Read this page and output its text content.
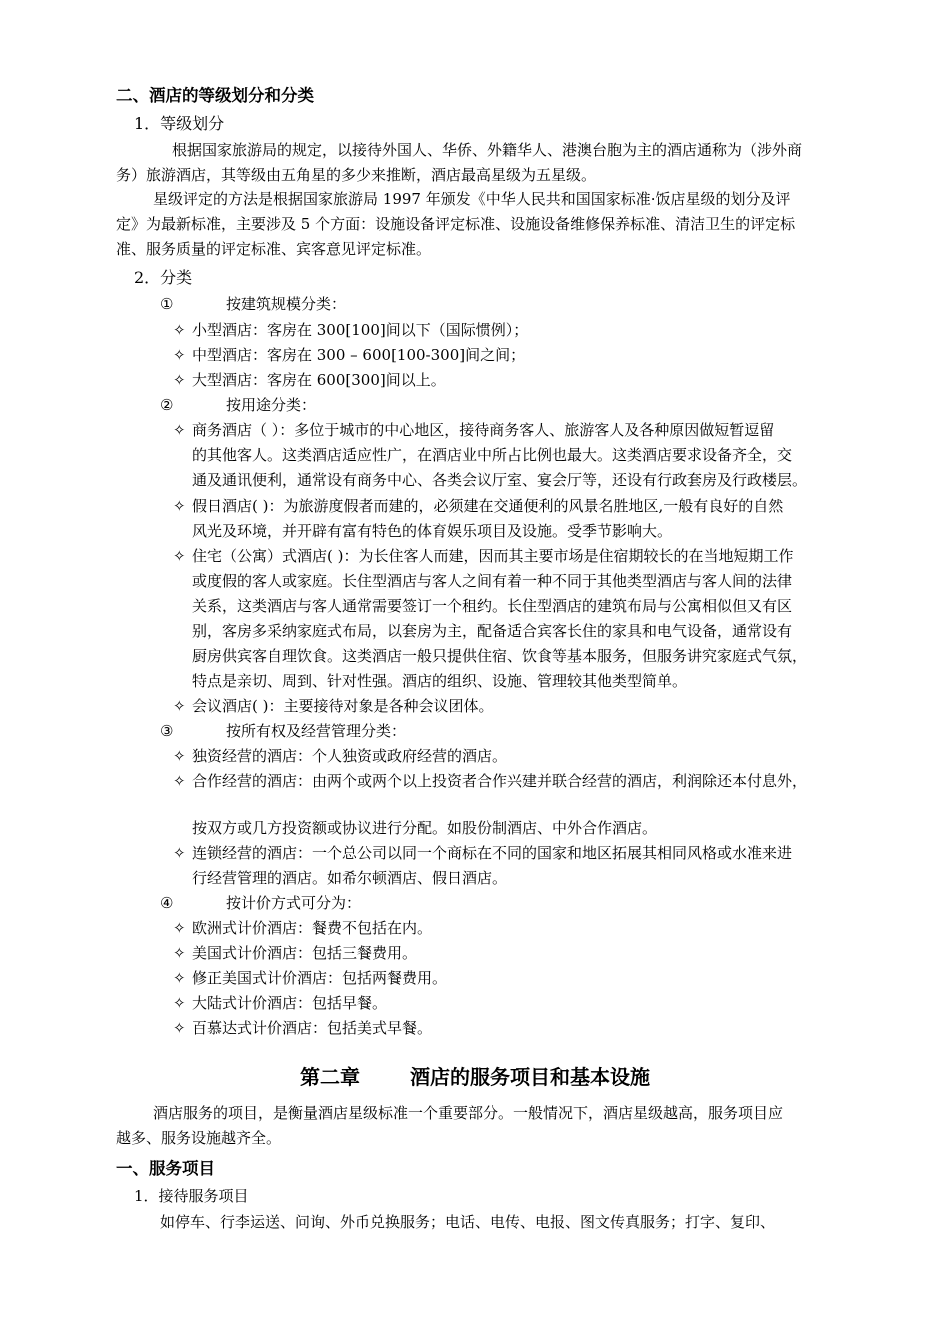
二、酒店的等级划分和分类
1．等级划分
根据国家旅游局的规定，以接待外国人、华侨、外籍华人、港澳台胞为主的酒店通称为（涉外商
务）旅游酒店，其等级由五角星的多少来推断，酒店最高星级为五星级。
星级评定的方法是根据国家旅游局 1997 年颁发《中华人民共和国国家标准·饭店星级的划分及评
定》为最新标准，主要涉及 5 个方面：设施设备评定标准、设施设备维修保养标准、清洁卫生的评定标
准、服务质量的评定标准、宾客意见评定标准。
2．分类
①	按建筑规模分类：
✧ 小型酒店：客房在 300[100]间以下（国际惯例）；
✧ 中型酒店：客房在 300 – 600[100-300]间之间；
✧ 大型酒店：客房在 600[300]间以上。
②	按用途分类：
✧ 商务酒店（ ）：多位于城市的中心地区，接待商务客人、旅游客人及各种原因做短暂逗留
的其他客人。这类酒店适应性广，在酒店业中所占比例也最大。这类酒店要求设备齐全，交
通及通讯便利，通常设有商务中心、各类会议厅室、宴会厅等，还设有行政套房及行政楼层。
✧ 假日酒店( )：为旅游度假者而建的，必须建在交通便利的风景名胜地区,一般有良好的自然
风光及环境，并开辟有富有特色的体育娱乐项目及设施。受季节影响大。
✧ 住宅（公寓）式酒店( )：为长住客人而建，因而其主要市场是住宿期较长的在当地短期工作
或度假的客人或家庭。长住型酒店与客人之间有着一种不同于其他类型酒店与客人间的法律
关系，这类酒店与客人通常需要签订一个租约。长住型酒店的建筑布局与公寓相似但又有区
别，客房多采纳家庭式布局，以套房为主，配备适合宾客长住的家具和电气设备，通常设有
厨房供宾客自理饮食。这类酒店一般只提供住宿、饮食等基本服务，但服务讲究家庭式气氛，
特点是亲切、周到、针对性强。酒店的组织、设施、管理较其他类型简单。
✧ 会议酒店( )：主要接待对象是各种会议团体。
③	按所有权及经营管理分类：
✧ 独资经营的酒店：个人独资或政府经营的酒店。
✧ 合作经营的酒店：由两个或两个以上投资者合作兴建并联合经营的酒店，利润除还本付息外，
按双方或几方投资额或协议进行分配。如股份制酒店、中外合作酒店。
✧ 连锁经营的酒店：一个总公司以同一个商标在不同的国家和地区拓展其相同风格或水准来进
行经营管理的酒店。如希尔顿酒店、假日酒店。
④	按计价方式可分为：
✧ 欧洲式计价酒店：餐费不包括在内。
✧ 美国式计价酒店：包括三餐费用。
✧ 修正美国式计价酒店：包括两餐费用。
✧ 大陆式计价酒店：包括早餐。
✧ 百慕达式计价酒店：包括美式早餐。
第二章	酒店的服务项目和基本设施
酒店服务的项目，是衡量酒店星级标准一个重要部分。一般情况下，酒店星级越高，服务项目应
越多、服务设施越齐全。
一、服务项目
1．接待服务项目
如停车、行李运送、问询、外币兑换服务；电话、电传、电报、图文传真服务；打字、复印、
